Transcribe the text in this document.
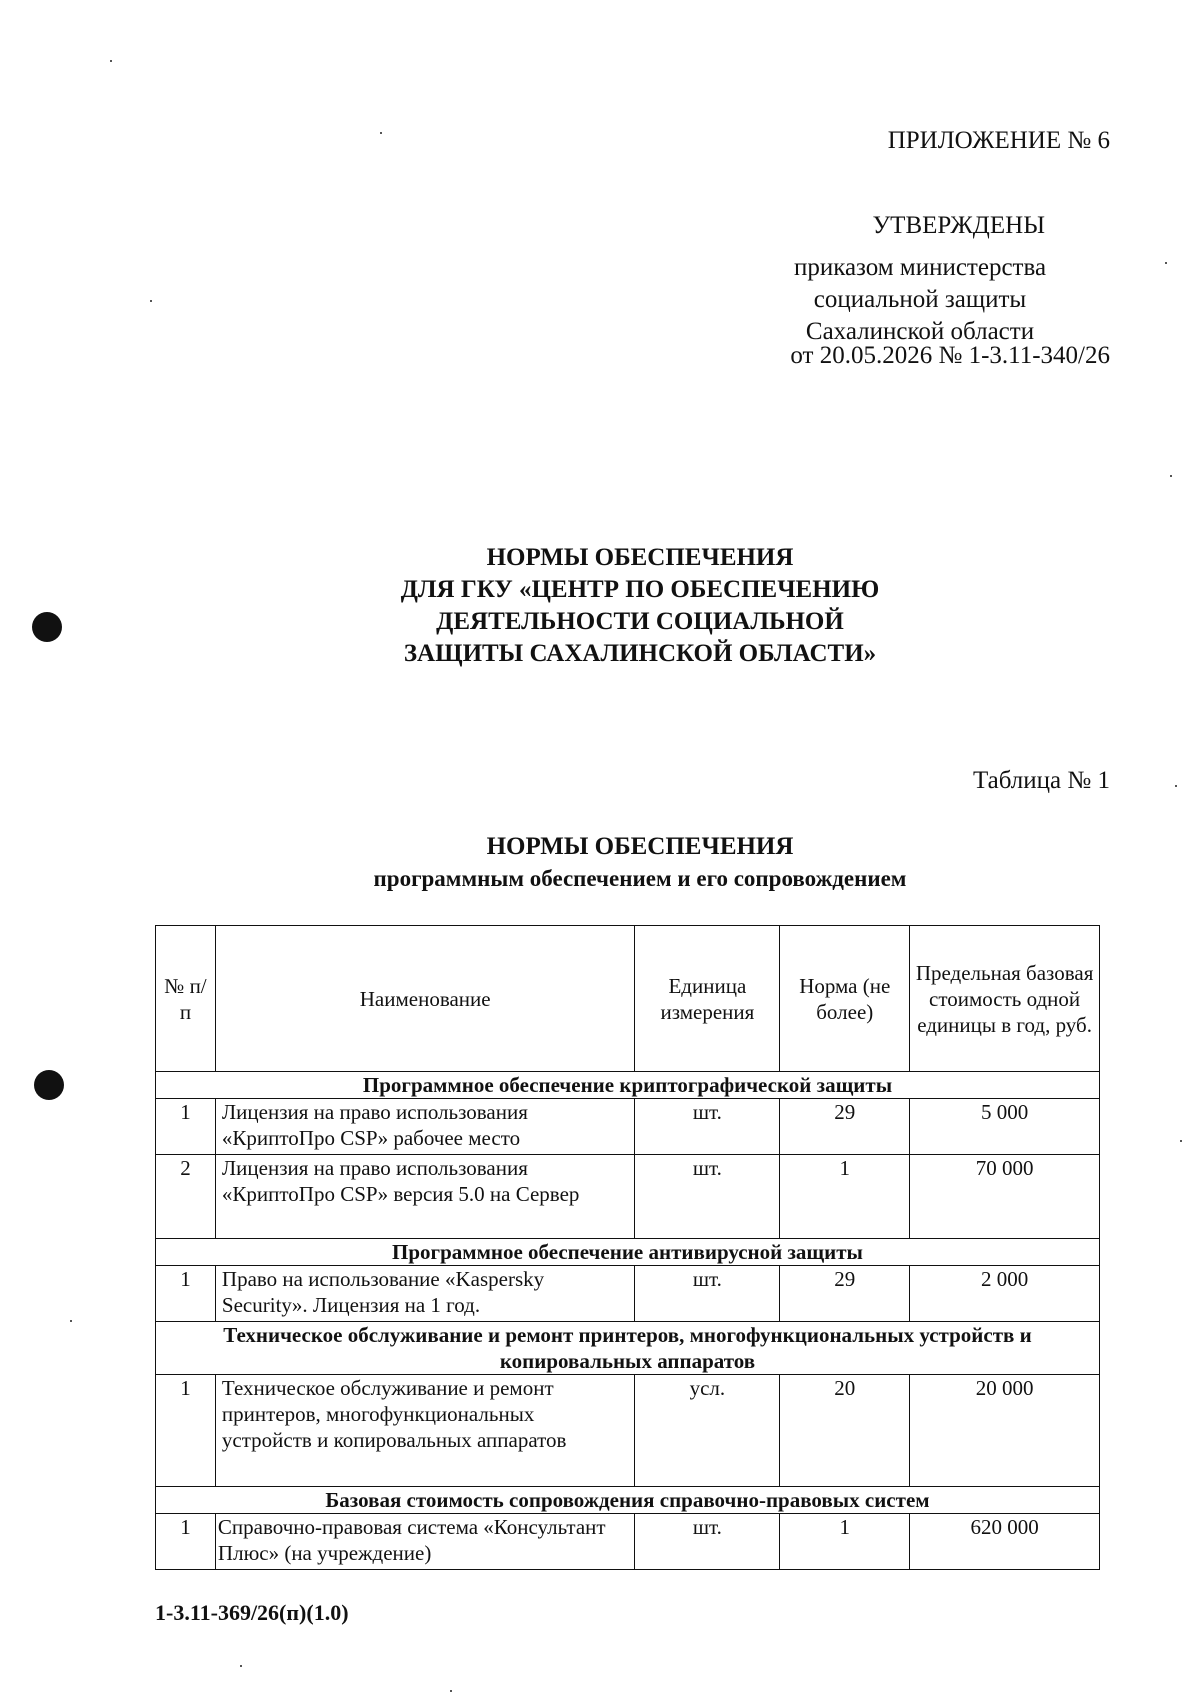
ПРИЛОЖЕНИЕ № 6
УТВЕРЖДЕНЫ
приказом министерства
социальной защиты
Сахалинской области
от 20.05.2026 № 1-3.11-340/26
НОРМЫ ОБЕСПЕЧЕНИЯ
ДЛЯ ГКУ «ЦЕНТР ПО ОБЕСПЕЧЕНИЮ
ДЕЯТЕЛЬНОСТИ СОЦИАЛЬНОЙ
ЗАЩИТЫ САХАЛИНСКОЙ ОБЛАСТИ»
Таблица № 1
НОРМЫ ОБЕСПЕЧЕНИЯ
программным обеспечением и его сопровождением
№ п/п	Наименование	Единица измерения	Норма (не более)	Предельная базовая стоимость одной единицы в год, руб.
Программное обеспечение криптографической защиты				
1	Лицензия на право использования «КриптоПро CSP» рабочее место	шт.	29	5 000
2	Лицензия на право использования «КриптоПро CSP» версия 5.0 на Сервер	шт.	1	70 000
Программное обеспечение антивирусной защиты				
1	Право на использование «Kaspersky Security». Лицензия на 1 год.	шт.	29	2 000
Техническое обслуживание и ремонт принтеров, многофункциональных устройств и копировальных аппаратов				
1	Техническое обслуживание и ремонт принтеров, многофункциональных устройств и копировальных аппаратов	усл.	20	20 000
Базовая стоимость сопровождения справочно-правовых систем				
1	Справочно-правовая система «Консультант Плюс» (на учреждение)	шт.	1	620 000
1-3.11-369/26(п)(1.0)
